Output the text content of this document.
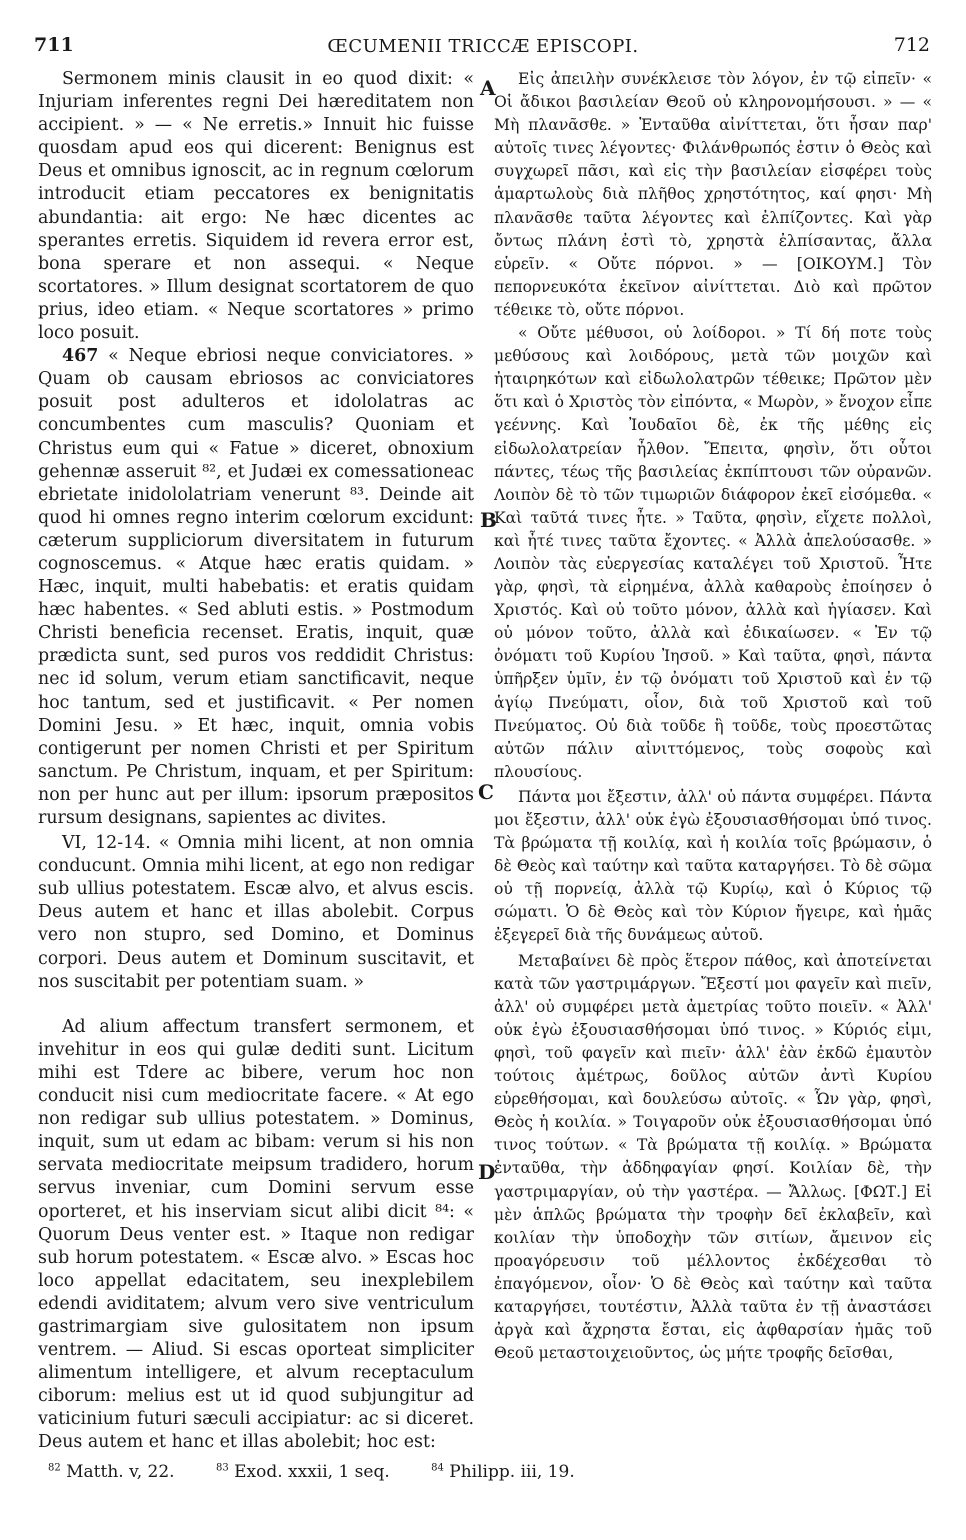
711	ŒCUMENII TRICCÆ EPISCOPI.	712

Sermonem minis clausit in eo quod dixit: « Injuriam inferentes regni Dei hæreditatem non accipient. » — « Ne erretis.» Innuit hic fuisse quosdam apud eos qui dicerent: Benignus est Deus et omnibus ignoscit, ac in regnum cœlorum introducit etiam peccatores ex benignitatis abundantia: ait ergo: Ne hæc dicentes ac sperantes erretis. Siquidem id revera error est, bona sperare et non assequi. « Neque scortatores. » Illum designat scortatorem de quo prius, ideo etiam. « Neque scortatores » primo loco posuit.

467 « Neque ebriosi neque conviciatores. » Quam ob causam ebriosos ac conviciatores posuit post adulteros et idololatras ac concumbentes cum masculis? Quoniam et Christus eum qui « Fatue » diceret, obnoxium gehennæ asseruit ⁸², et Judæi ex comessationeac ebrietate inidololatriam venerunt ⁸³. Deinde ait quod hi omnes regno interim cœlorum excidunt: cæterum suppliciorum diversitatem in futurum cognoscemus. « Atque hæc eratis quidam. » Hæc, inquit, multi habebatis: et eratis quidam hæc habentes. « Sed abluti estis. » Postmodum Christi beneficia recenset. Eratis, inquit, quæ prædicta sunt, sed puros vos reddidit Christus: nec id solum, verum etiam sanctificavit, neque hoc tantum, sed et justificavit. « Per nomen Domini Jesu. » Et hæc, inquit, omnia vobis contigerunt per nomen Christi et per Spiritum sanctum. Pe Christum, inquam, et per Spiritum: non per hunc aut per illum: ipsorum præpositos rursum designans, sapientes ac divites.

VI, 12-14. « Omnia mihi licent, at non omnia conducunt. Omnia mihi licent, at ego non redigar sub ullius potestatem. Escæ alvo, et alvus escis. Deus autem et hanc et illas abolebit. Corpus vero non stupro, sed Domino, et Dominus corpori. Deus autem et Dominum suscitavit, et nos suscitabit per potentiam suam. »

Ad alium affectum transfert sermonem, et invehitur in eos qui gulæ dediti sunt. Licitum mihi est Tdere ac bibere, verum hoc non conducit nisi cum mediocritate facere. « At ego non redigar sub ullius potestatem. » Dominus, inquit, sum ut edam ac bibam: verum si his non servata mediocritate meipsum tradidero, horum servus inveniar, cum Domini servum esse oporteret, et his inserviam sicut alibi dicit ⁸⁴: « Quorum Deus venter est. » Itaque non redigar sub horum potestatem. « Escæ alvo. » Escas hoc loco appellat edacitatem, seu inexplebilem edendi aviditatem; alvum vero sive ventriculum gastrimargiam sive gulositatem non ipsum ventrem. — Aliud. Si escas oporteat simpliciter alimentum intelligere, et alvum receptaculum ciborum: melius est ut id quod subjungitur ad vaticinium futuri sæculi accipiatur: ac si diceret. Deus autem et hanc et illas abolebit; hoc est:

A
B
C
D

Εἰς ἀπειλὴν συνέκλεισε τὸν λόγον, ἐν τῷ εἰπεῖν· « Οἱ ἄδικοι βασιλείαν Θεοῦ οὐ κληρονομήσουσι. » — « Μὴ πλανᾶσθε. » Ἐνταῦθα αἰνίττεται, ὅτι ἦσαν παρ' αὐτοῖς τινες λέγοντες· Φιλάνθρωπός ἐστιν ὁ Θεὸς καὶ συγχωρεῖ πᾶσι, καὶ εἰς τὴν βασιλείαν εἰσφέρει τοὺς ἁμαρτωλοὺς διὰ πλῆθος χρηστότητος, καί φησι· Μὴ πλανᾶσθε ταῦτα λέγοντες καὶ ἐλπίζοντες. Καὶ γὰρ ὄντως πλάνη ἐστὶ τὸ, χρηστὰ ἐλπίσαντας, ἄλλα εὑρεῖν. « Οὔτε πόρνοι. » — [ΟΙΚΟΥΜ.] Τὸν πεπορνευκότα ἐκεῖνον αἰνίττεται. Διὸ καὶ πρῶτον τέθεικε τὸ, οὔτε πόρνοι.

« Οὔτε μέθυσοι, οὐ λοίδοροι. » Τί δή ποτε τοὺς μεθύσους καὶ λοιδόρους, μετὰ τῶν μοιχῶν καὶ ἠταιρηκότων καὶ εἰδωλολατρῶν τέθεικε; Πρῶτον μὲν ὅτι καὶ ὁ Χριστὸς τὸν εἰπόντα, « Μωρὸν, » ἔνοχον εἶπε γεέννης. Καὶ Ἰουδαῖοι δὲ, ἐκ τῆς μέθης εἰς εἰδωλολατρείαν ἦλθον. Ἔπειτα, φησὶν, ὅτι οὗτοι πάντες, τέως τῆς βασιλείας ἐκπίπτουσι τῶν οὐρανῶν. Λοιπὸν δὲ τὸ τῶν τιμωριῶν διάφορον ἐκεῖ εἰσόμεθα. « Καὶ ταῦτά τινες ἦτε. » Ταῦτα, φησὶν, εἴχετε πολλοὶ, καὶ ἦτέ τινες ταῦτα ἔχοντες. « Ἀλλὰ ἀπελούσασθε. » Λοιπὸν τὰς εὐεργεσίας καταλέγει τοῦ Χριστοῦ. Ἦτε γὰρ, φησὶ, τὰ εἰρημένα, ἀλλὰ καθαροὺς ἐποίησεν ὁ Χριστός. Καὶ οὐ τοῦτο μόνον, ἀλλὰ καὶ ἡγίασεν. Καὶ οὐ μόνον τοῦτο, ἀλλὰ καὶ ἐδικαίωσεν. « Ἐν τῷ ὀνόματι τοῦ Κυρίου Ἰησοῦ. » Καὶ ταῦτα, φησὶ, πάντα ὑπῆρξεν ὑμῖν, ἐν τῷ ὀνόματι τοῦ Χριστοῦ καὶ ἐν τῷ ἁγίῳ Πνεύματι, οἷον, διὰ τοῦ Χριστοῦ καὶ τοῦ Πνεύματος. Οὐ διὰ τοῦδε ἢ τοῦδε, τοὺς προεστῶτας αὐτῶν πάλιν αἰνιττόμενος, τοὺς σοφοὺς καὶ πλουσίους.

Πάντα μοι ἔξεστιν, ἀλλ' οὐ πάντα συμφέρει. Πάντα μοι ἔξεστιν, ἀλλ' οὐκ ἐγὼ ἐξουσιασθήσομαι ὑπό τινος. Τὰ βρώματα τῇ κοιλίᾳ, καὶ ἡ κοιλία τοῖς βρώμασιν, ὁ δὲ Θεὸς καὶ ταύτην καὶ ταῦτα καταργήσει. Τὸ δὲ σῶμα οὐ τῇ πορνείᾳ, ἀλλὰ τῷ Κυρίῳ, καὶ ὁ Κύριος τῷ σώματι. Ὁ δὲ Θεὸς καὶ τὸν Κύριον ἤγειρε, καὶ ἡμᾶς ἐξεγερεῖ διὰ τῆς δυνάμεως αὐτοῦ.

Μεταβαίνει δὲ πρὸς ἕτερον πάθος, καὶ ἀποτείνεται κατὰ τῶν γαστριμάργων. Ἔξεστί μοι φαγεῖν καὶ πιεῖν, ἀλλ' οὐ συμφέρει μετὰ ἀμετρίας τοῦτο ποιεῖν. « Ἀλλ' οὐκ ἐγὼ ἐξουσιασθήσομαι ὑπό τινος. » Κύριός εἰμι, φησὶ, τοῦ φαγεῖν καὶ πιεῖν· ἀλλ' ἐὰν ἐκδῶ ἐμαυτὸν τούτοις ἀμέτρως, δοῦλος αὐτῶν ἀντὶ Κυρίου εὑρεθήσομαι, καὶ δουλεύσω αὐτοῖς. « Ὧν γὰρ, φησὶ, Θεὸς ἡ κοιλία. » Τοιγαροῦν οὐκ ἐξουσιασθήσομαι ὑπό τινος τούτων. « Τὰ βρώματα τῇ κοιλίᾳ. » Βρώματα ἐνταῦθα, τὴν ἀδδηφαγίαν φησί. Κοιλίαν δὲ, τὴν γαστριμαργίαν, οὐ τὴν γαστέρα. — Ἄλλως. [ΦΩΤ.] Εἰ μὲν ἁπλῶς βρώματα τὴν τροφὴν δεῖ ἐκλαβεῖν, καὶ κοιλίαν τὴν ὑποδοχὴν τῶν σιτίων, ἄμεινον εἰς προαγόρευσιν τοῦ μέλλοντος ἐκδέχεσθαι τὸ ἐπαγόμενον, οἷον· Ὁ δὲ Θεὸς καὶ ταύτην καὶ ταῦτα καταργήσει, τουτέστιν, Ἀλλὰ ταῦτα ἐν τῇ ἀναστάσει ἀργὰ καὶ ἄχρηστα ἔσται, εἰς ἀφθαρσίαν ἡμᾶς τοῦ Θεοῦ μεταστοιχειοῦντος, ὡς μήτε τροφῆς δεῖσθαι,

$^{82}$ Matth. v, 22.	$^{83}$ Exod. xxxii, 1 seq.	$^{84}$ Philipp. iii, 19.
